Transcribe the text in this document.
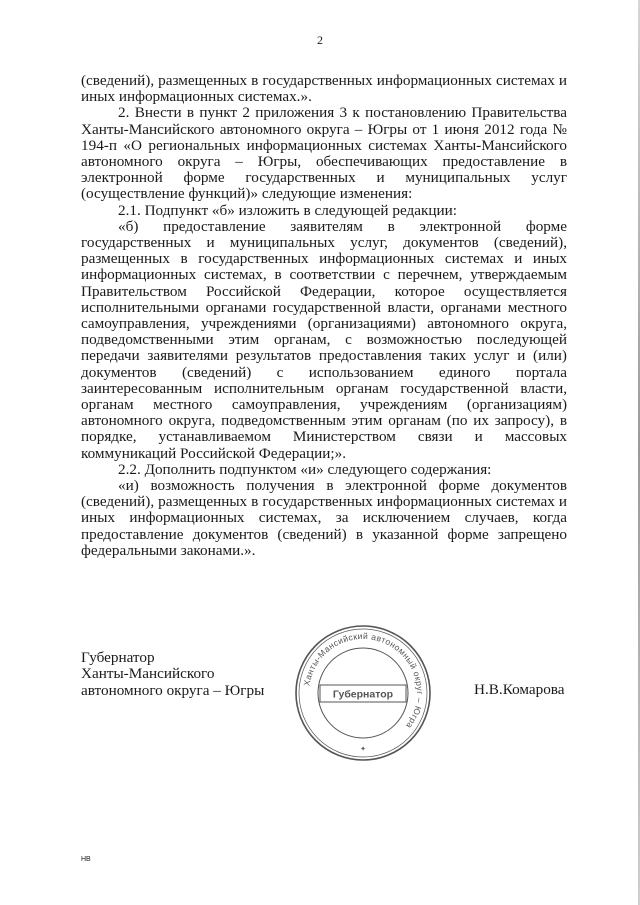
2

(сведений), размещенных в государственных информационных системах и иных информационных системах.».

2. Внести в пункт 2 приложения 3 к постановлению Правительства Ханты-Мансийского автономного округа – Югры от 1 июня 2012 года № 194-п «О региональных информационных системах Ханты-Мансийского автономного округа – Югры, обеспечивающих предоставление в электронной форме государственных и муниципальных услуг (осуществление функций)» следующие изменения:

2.1. Подпункт «б» изложить в следующей редакции:

«б) предоставление заявителям в электронной форме государственных и муниципальных услуг, документов (сведений), размещенных в государственных информационных системах и иных информационных системах, в соответствии с перечнем, утверждаемым Правительством Российской Федерации, которое осуществляется исполнительными органами государственной власти, органами местного самоуправления, учреждениями (организациями) автономного округа, подведомственными этим органам, с возможностью последующей передачи заявителями результатов предоставления таких услуг и (или) документов (сведений) с использованием единого портала заинтересованным исполнительным органам государственной власти, органам местного самоуправления, учреждениям (организациям) автономного округа, подведомственным этим органам (по их запросу), в порядке, устанавливаемом Министерством связи и массовых коммуникаций Российской Федерации;».

2.2. Дополнить подпунктом «и» следующего содержания:

«и) возможность получения в электронной форме документов (сведений), размещенных в государственных информационных системах и иных информационных системах, за исключением случаев, когда предоставление документов (сведений) в указанной форме запрещено федеральными законами.».

Губернатор
Ханты-Мансийского
автономного округа – Югры	Ханты-Мансийский автономный округ – Югра
Губернатор
✦
Н.В.Комарова
НВ
